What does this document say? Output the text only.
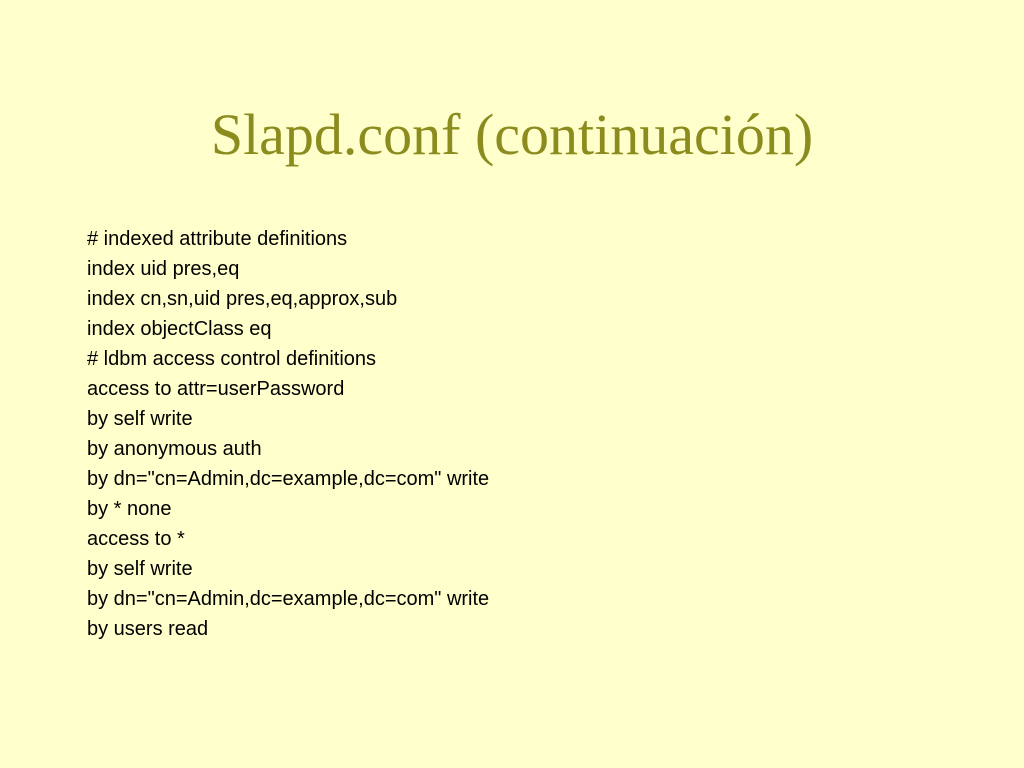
Slapd.conf (continuación)
# indexed attribute definitions
index uid pres,eq
index cn,sn,uid pres,eq,approx,sub
index objectClass eq
# ldbm access control definitions
access to attr=userPassword
by self write
by anonymous auth
by dn="cn=Admin,dc=example,dc=com" write
by * none
access to *
by self write
by dn="cn=Admin,dc=example,dc=com" write
by users read
